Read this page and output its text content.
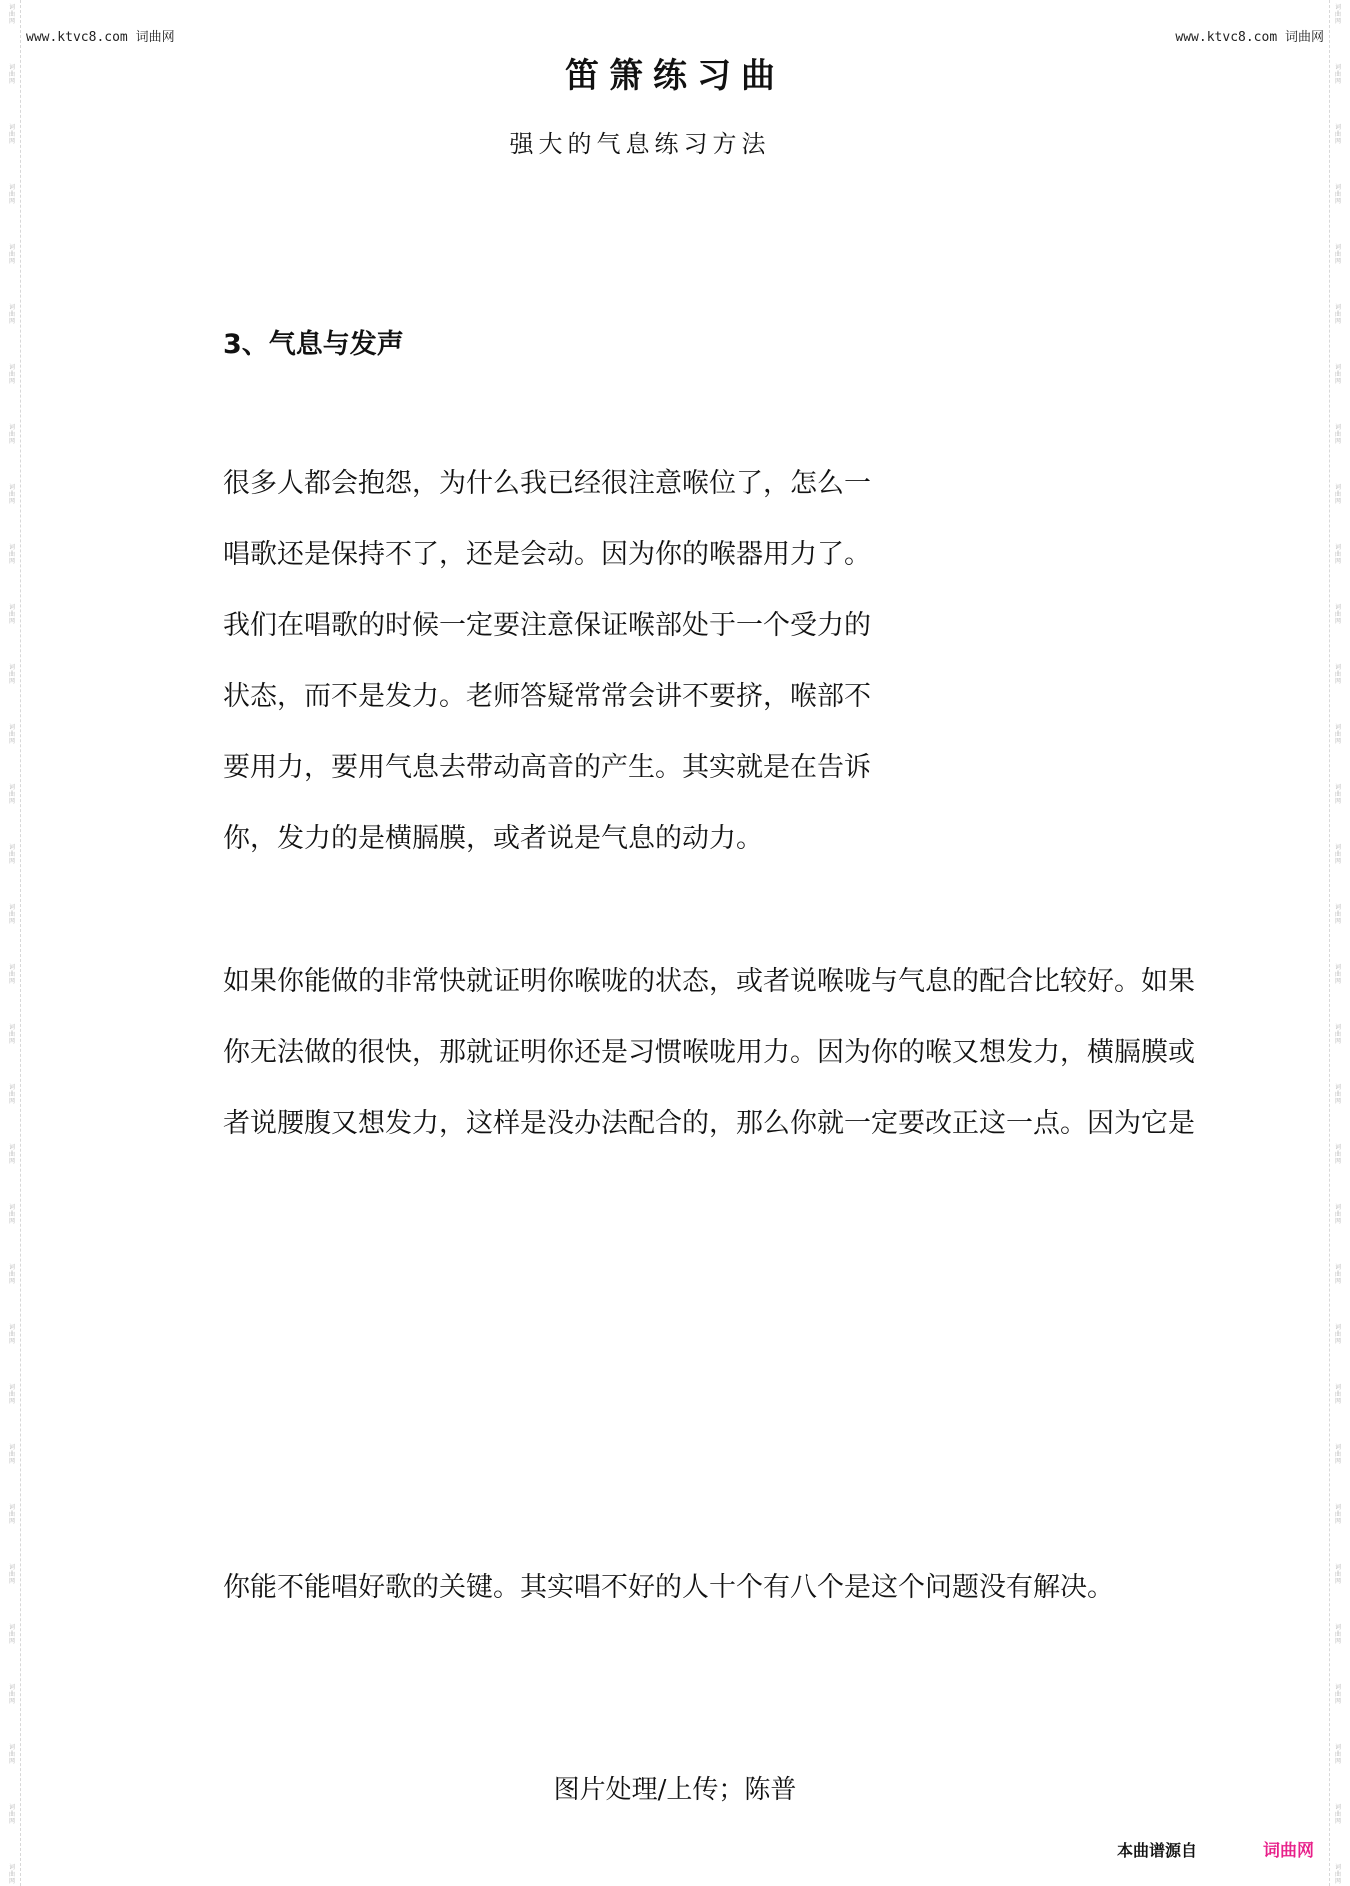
词
曲
网
词
曲
网
词
曲
网
词
曲
网
词
曲
网
词
曲
网
词
曲
网
词
曲
网
词
曲
网
词
曲
网
词
曲
网
词
曲
网
词
曲
网
词
曲
网
词
曲
网
词
曲
网
词
曲
网
词
曲
网
词
曲
网
词
曲
网
词
曲
网
词
曲
网
词
曲
网
词
曲
网
词
曲
网
词
曲
网
词
曲
网
词
曲
网
词
曲
网
词
曲
网
词
曲
网
词
曲
网
词
曲
网
词
曲
网
词
曲
网
词
曲
网
词
曲
网
词
曲
网
词
曲
网
词
曲
网
词
曲
网
词
曲
网
词
曲
网
词
曲
网
词
曲
网
词
曲
网
词
曲
网
词
曲
网
词
曲
网
词
曲
网
词
曲
网
词
曲
网
词
曲
网
词
曲
网
词
曲
网
词
曲
网
词
曲
网
词
曲
网
词
曲
网
词
曲
网
词
曲
网
词
曲
网
词
曲
网
词
曲
网
www.ktvc8.com 词曲网	www.ktvc8.com 词曲网
笛箫练习曲
强大的气息练习方法
3、气息与发声
很多人都会抱怨，为什么我已经很注意喉位了，怎么一
唱歌还是保持不了，还是会动。因为你的喉器用力了。
我们在唱歌的时候一定要注意保证喉部处于一个受力的
状态，而不是发力。老师答疑常常会讲不要挤，喉部不
要用力，要用气息去带动高音的产生。其实就是在告诉
你，发力的是横膈膜，或者说是气息的动力。
如果你能做的非常快就证明你喉咙的状态，或者说喉咙与气息的配合比较好。如果
你无法做的很快，那就证明你还是习惯喉咙用力。因为你的喉又想发力，横膈膜或
者说腰腹又想发力，这样是没办法配合的，那么你就一定要改正这一点。因为它是
你能不能唱好歌的关键。其实唱不好的人十个有八个是这个问题没有解决。
图片处理/上传；陈普
本曲谱源自	词曲网
